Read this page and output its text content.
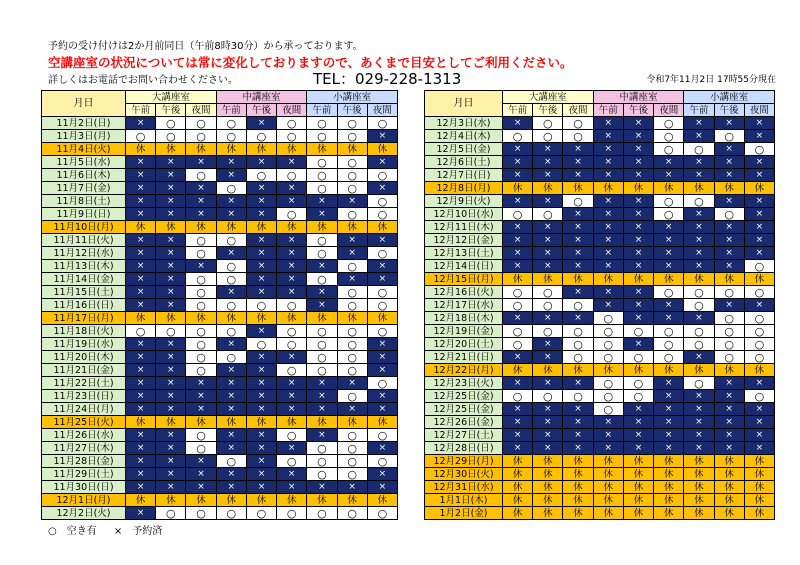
予約の受け付けは2か月前同日（午前8時30分）から承っております。
空講座室の状況については常に変化しておりますので、あくまで目安としてご利用ください。
詳しくはお電話でお問い合わせください。	TEL：029-228-1313	令和7年11月2日 17時55分現在
月日	大講座室			中講座室			小講座室		
	午前	午後	夜間	午前	午後	夜間	午前	午後	夜間
11月2日(日)	×	○	○	○	×	○	○	○	○
11月3日(月)	○	○	○	○	○	○	○	○	×
11月4日(火)	休	休	休	休	休	休	休	休	休
11月5日(水)	×	×	×	×	×	×	○	○	×
11月6日(木)	×	×	○	×	○	○	○	○	○
11月7日(金)	×	×	×	○	×	×	○	○	×
11月8日(土)	×	×	×	×	×	×	×	×	○
11月9日(日)	×	×	×	×	×	○	×	○	○
11月10日(月)	休	休	休	休	休	休	休	休	休
11月11日(火)	×	×	○	○	×	×	○	×	×
11月12日(水)	×	×	○	×	×	×	○	×	○
11月13日(木)	×	×	×	○	×	×	×	○	×
11月14日(金)	×	×	○	○	×	×	○	×	×
11月15日(土)	×	×	○	×	×	×	×	○	○
11月16日(日)	×	×	○	○	○	○	×	○	○
11月17日(月)	休	休	休	休	休	休	休	休	休
11月18日(火)	○	○	○	○	×	○	○	○	○
11月19日(水)	×	×	○	×	○	○	○	○	×
11月20日(木)	×	×	○	○	×	×	○	○	×
11月21日(金)	×	×	○	×	×	○	○	○	×
11月22日(土)	×	×	×	×	×	×	×	×	○
11月23日(日)	×	×	×	×	×	×	×	○	×
11月24日(月)	×	×	×	×	×	×	×	×	×
11月25日(火)	休	休	休	休	休	休	休	休	休
11月26日(水)	×	×	○	×	×	○	×	○	○
11月27日(木)	×	×	○	×	×	×	○	○	×
11月28日(金)	×	×	×	○	×	○	○	○	○
11月29日(土)	×	×	×	×	×	×	○	○	×
11月30日(日)	×	×	×	×	×	×	×	×	×
12月1日(月)	休	休	休	休	休	休	休	休	休
12月2日(火)	×	○	○	○	○	○	○	○	○
月日	大講座室			中講座室			小講座室		
	午前	午後	夜間	午前	午後	夜間	午前	午後	夜間
12月3日(水)	×	○	○	×	×	○	×	×	×
12月4日(木)	○	○	○	×	×	○	×	○	×
12月5日(金)	×	×	×	×	×	○	○	×	○
12月6日(土)	×	×	×	×	×	×	×	×	×
12月7日(日)	×	×	×	×	×	×	×	×	×
12月8日(月)	休	休	休	休	休	休	休	休	休
12月9日(火)	×	×	○	×	×	○	○	×	×
12月10日(水)	○	○	×	×	×	○	×	○	×
12月11日(木)	×	×	×	×	×	×	×	×	×
12月12日(金)	×	×	×	×	×	×	×	×	×
12月13日(土)	×	×	×	×	×	×	×	×	×
12月14日(日)	×	×	×	×	×	×	×	×	○
12月15日(月)	休	休	休	休	休	休	休	休	休
12月16日(火)	○	○	×	×	×	○	○	○	○
12月17日(水)	○	○	○	×	×	×	○	×	×
12月18日(木)	×	×	×	○	×	×	×	○	○
12月19日(金)	○	○	○	○	○	○	○	○	○
12月20日(土)	○	×	○	○	×	○	○	○	○
12月21日(日)	×	×	○	○	○	○	×	○	○
12月22日(月)	休	休	休	休	休	休	休	休	休
12月23日(火)	×	×	×	○	○	×	○	×	×
12月25日(金)	○	○	○	○	○	×	×	×	○
12月25日(金)	×	×	×	○	×	×	×	×	×
12月26日(金)	×	×	×	×	×	×	×	×	×
12月27日(土)	×	×	×	×	×	×	×	×	×
12月28日(日)	×	×	×	×	×	×	×	×	×
12月29日(月)	休	休	休	休	休	休	休	休	休
12月30日(火)	休	休	休	休	休	休	休	休	休
12月31日(水)	休	休	休	休	休	休	休	休	休
1月1日(木)	休	休	休	休	休	休	休	休	休
1月2日(金)	休	休	休	休	休	休	休	休	休
○　空き有 ×　予約済
